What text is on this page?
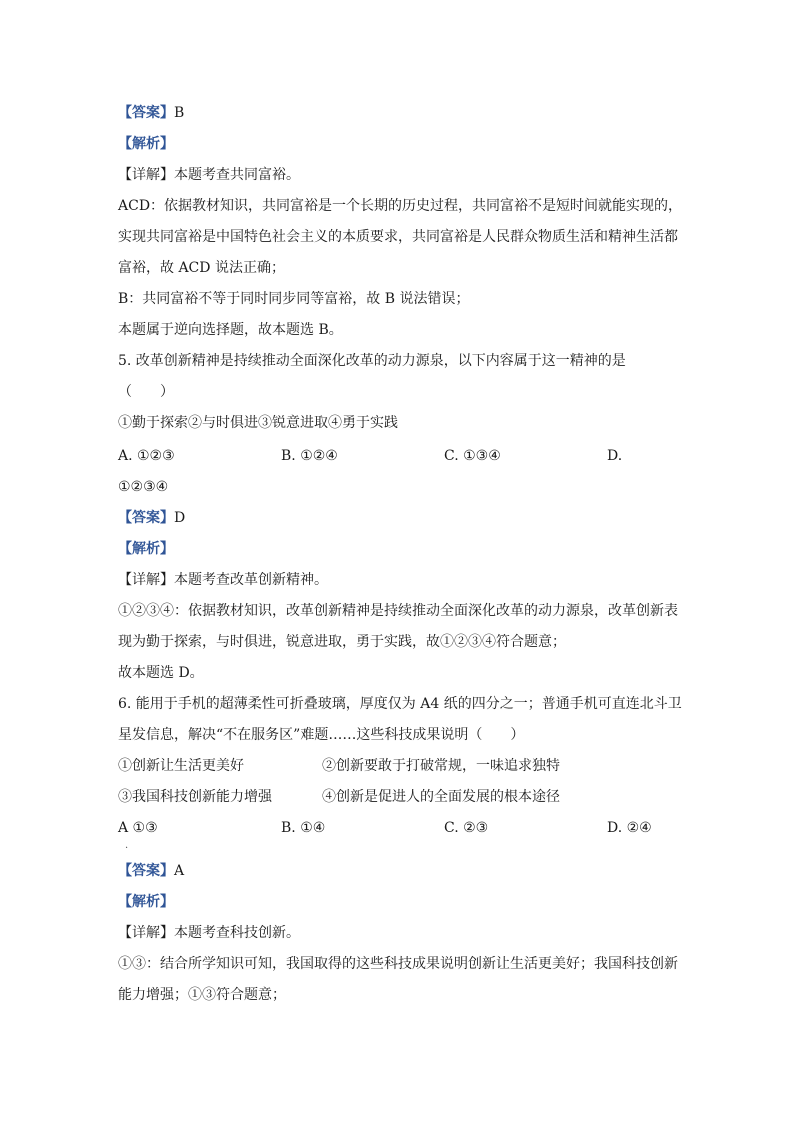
【答案】B
【解析】
【详解】本题考查共同富裕。
ACD：依据教材知识，共同富裕是一个长期的历史过程，共同富裕不是短时间就能实现的，
实现共同富裕是中国特色社会主义的本质要求，共同富裕是人民群众物质生活和精神生活都
富裕，故 ACD 说法正确；
B：共同富裕不等于同时同步同等富裕，故 B 说法错误；
本题属于逆向选择题，故本题选 B。
5. 改革创新精神是持续推动全面深化改革的动力源泉，以下内容属于这一精神的是
（　　）
①勤于探索②与时俱进③锐意进取④勇于实践
A. ①②③	B. ①②④	C. ①③④	D.
①②③④
【答案】D
【解析】
【详解】本题考查改革创新精神。
①②③④：依据教材知识，改革创新精神是持续推动全面深化改革的动力源泉，改革创新表
现为勤于探索，与时俱进，锐意进取，勇于实践，故①②③④符合题意；
故本题选 D。
6. 能用于手机的超薄柔性可折叠玻璃，厚度仅为 A4 纸的四分之一；普通手机可直连北斗卫
星发信息，解决“不在服务区”难题……这些科技成果说明（　　）
①创新让生活更美好	②创新要敢于打破常规，一味追求独特
③我国科技创新能力增强	④创新是促进人的全面发展的根本途径
A ①③	B. ①④	C. ②③	D. ②④
·
【答案】A
【解析】
【详解】本题考查科技创新。
①③：结合所学知识可知，我国取得的这些科技成果说明创新让生活更美好；我国科技创新
能力增强；①③符合题意；
